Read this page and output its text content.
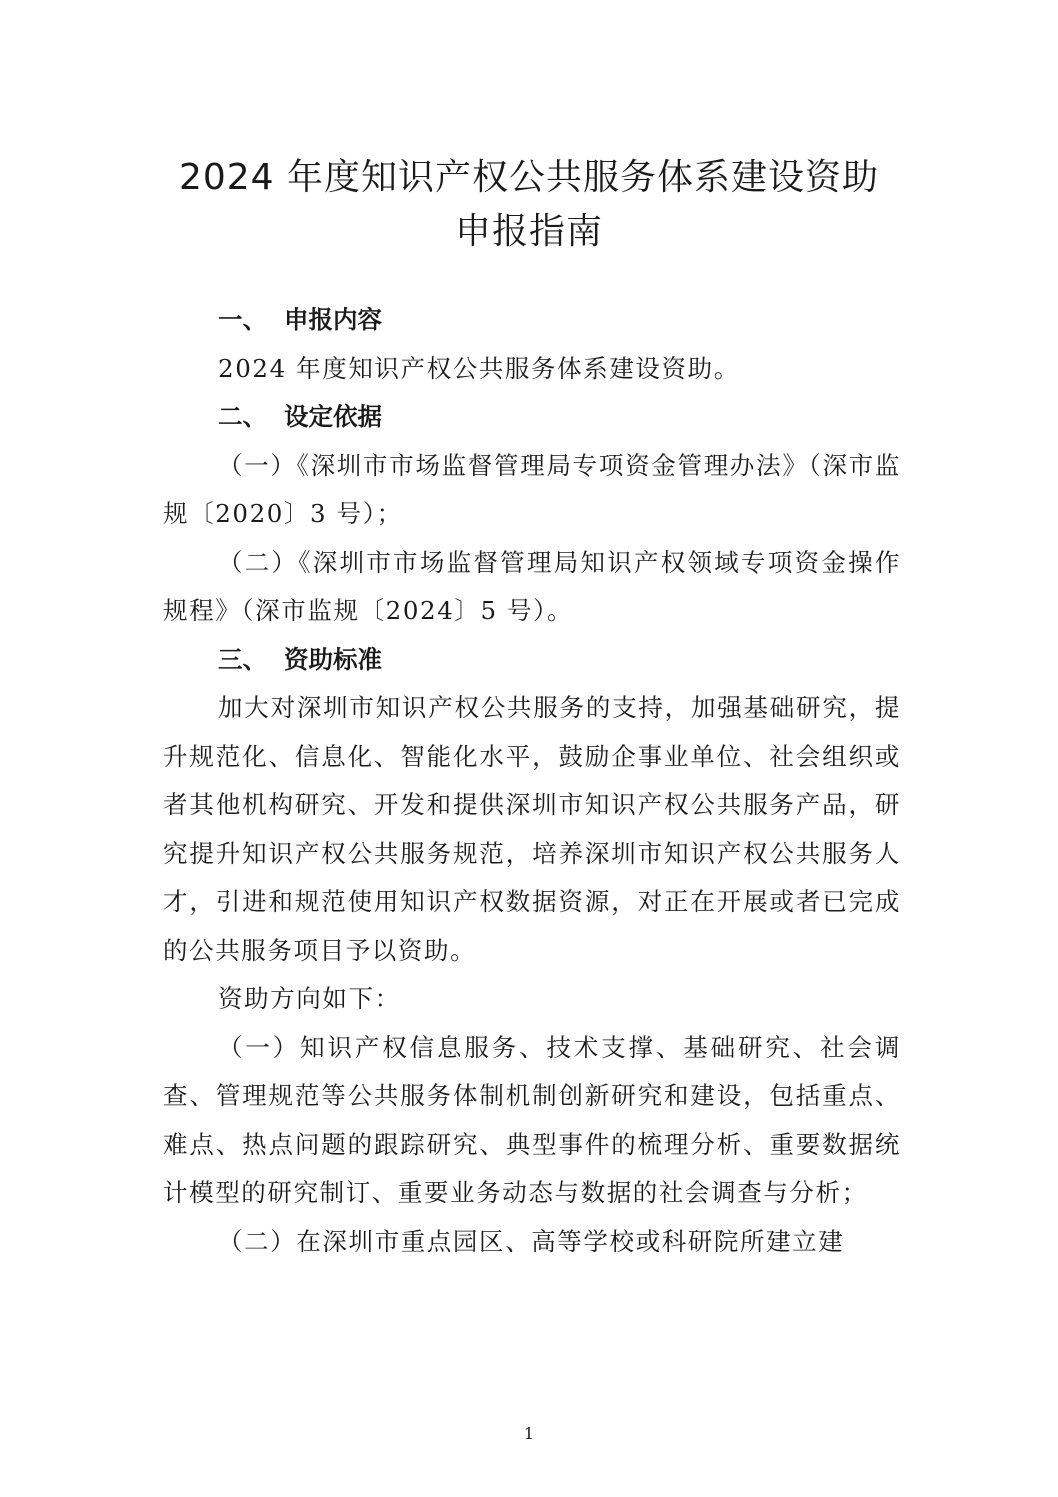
2024 年度知识产权公共服务体系建设资助
申报指南
一、 申报内容

2024 年度知识产权公共服务体系建设资助。

二、 设定依据

（一）《深圳市市场监督管理局专项资金管理办法》（深市监规〔2020〕3 号）；

（二）《深圳市市场监督管理局知识产权领域专项资金操作规程》（深市监规〔2024〕5 号）。

三、 资助标准

加大对深圳市知识产权公共服务的支持，加强基础研究，提升规范化、信息化、智能化水平，鼓励企事业单位、社会组织或者其他机构研究、开发和提供深圳市知识产权公共服务产品，研究提升知识产权公共服务规范，培养深圳市知识产权公共服务人才，引进和规范使用知识产权数据资源，对正在开展或者已完成的公共服务项目予以资助。

资助方向如下：

（一）知识产权信息服务、技术支撑、基础研究、社会调查、管理规范等公共服务体制机制创新研究和建设，包括重点、难点、热点问题的跟踪研究、典型事件的梳理分析、重要数据统计模型的研究制订、重要业务动态与数据的社会调查与分析；

（二）在深圳市重点园区、高等学校或科研院所建立建

1
